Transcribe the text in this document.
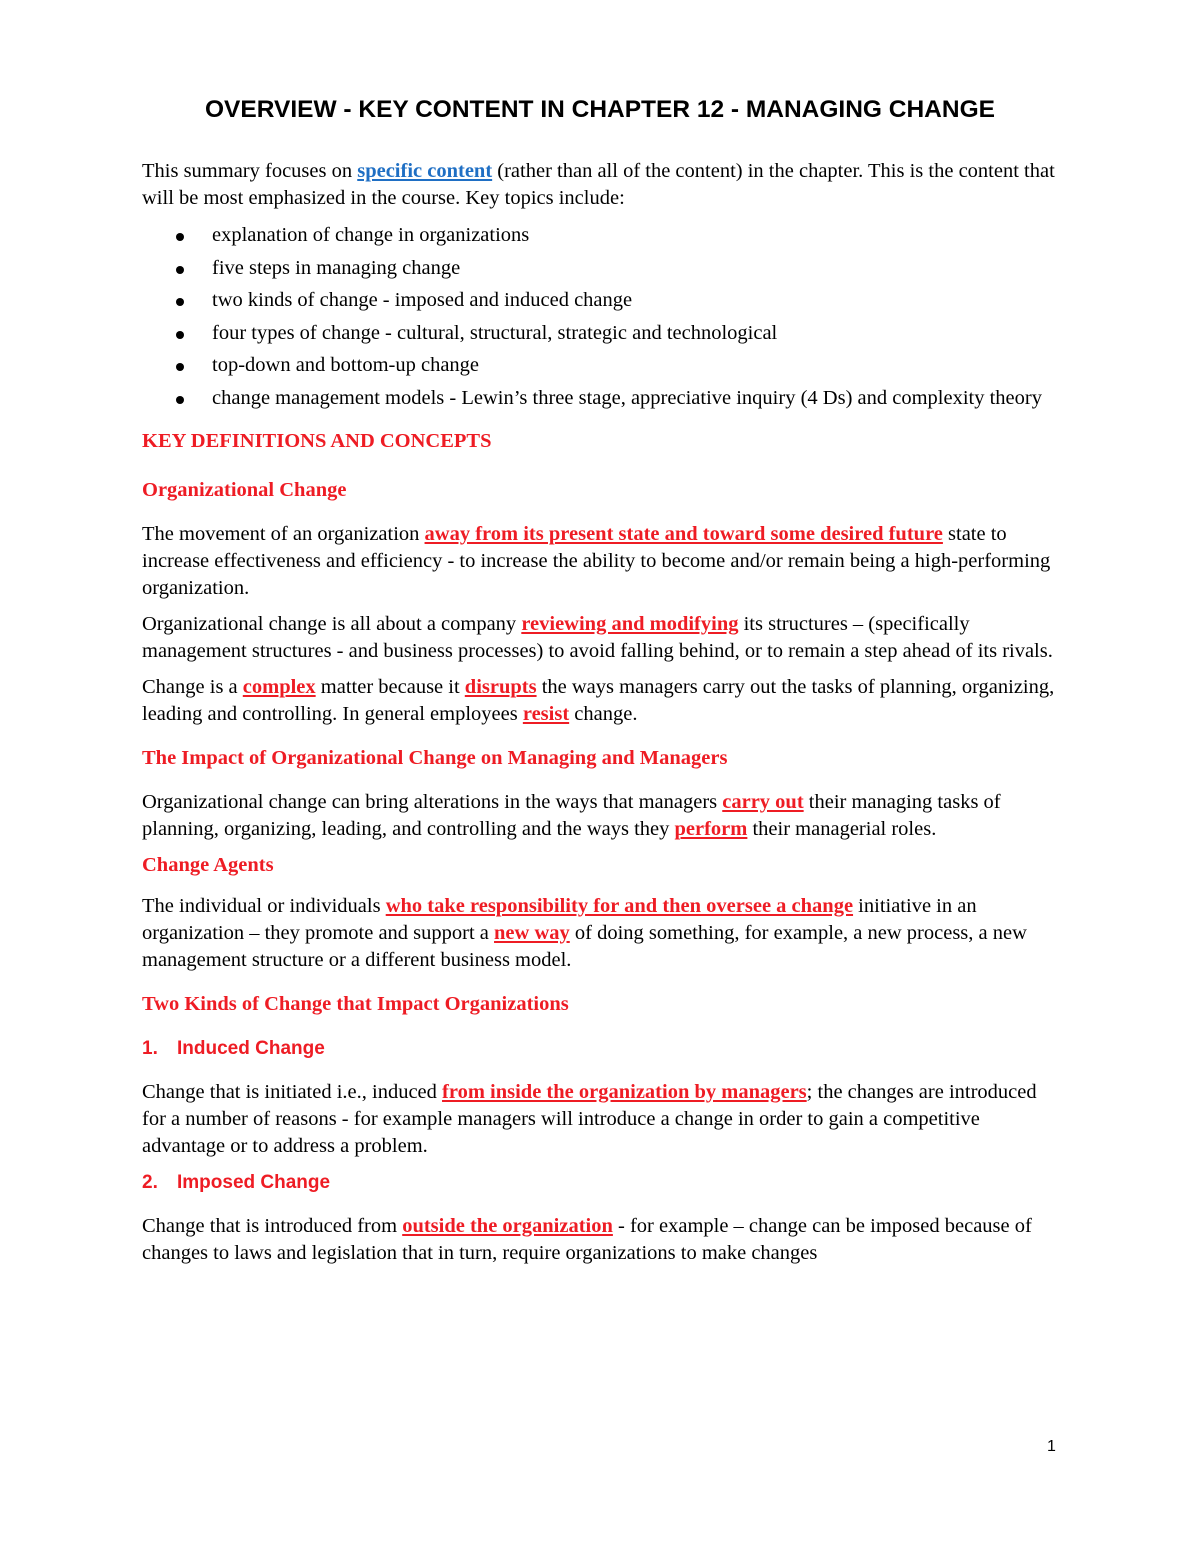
OVERVIEW - KEY CONTENT IN CHAPTER 12 - MANAGING CHANGE

This summary focuses on specific content (rather than all of the content) in the chapter. This is the content that will be most emphasized in the course. Key topics include:

explanation of change in organizations
five steps in managing change
two kinds of change - imposed and induced change
four types of change - cultural, structural, strategic and technological
top-down and bottom-up change
change management models - Lewin’s three stage, appreciative inquiry (4 Ds) and complexity theory
KEY DEFINITIONS AND CONCEPTS
Organizational Change

The movement of an organization away from its present state and toward some desired future state to increase effectiveness and efficiency - to increase the ability to become and/or remain being a high-performing organization.

Organizational change is all about a company reviewing and modifying its structures – (specifically management structures - and business processes) to avoid falling behind, or to remain a step ahead of its rivals.

Change is a complex matter because it disrupts the ways managers carry out the tasks of planning, organizing, leading and controlling. In general employees resist change.

The Impact of Organizational Change on Managing and Managers

Organizational change can bring alterations in the ways that managers carry out their managing tasks of planning, organizing, leading, and controlling and the ways they perform their managerial roles.

Change Agents

The individual or individuals who take responsibility for and then oversee a change initiative in an organization – they promote and support a new way of doing something, for example, a new process, a new management structure or a different business model.

Two Kinds of Change that Impact Organizations
1. Induced Change

Change that is initiated i.e., induced from inside the organization by managers; the changes are introduced for a number of reasons - for example managers will introduce a change in order to gain a competitive advantage or to address a problem.

2. Imposed Change

Change that is introduced from outside the organization - for example – change can be imposed because of changes to laws and legislation that in turn, require organizations to make changes

1
